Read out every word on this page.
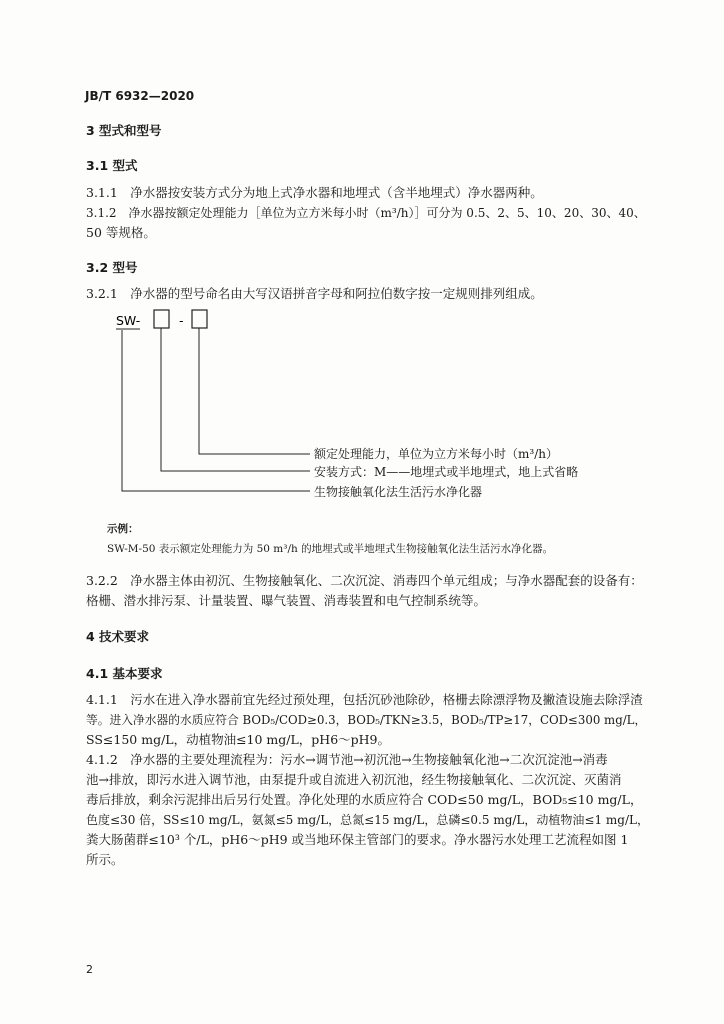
JB/T 6932—2020
3 型式和型号
3.1 型式
3.1.1　净水器按安装方式分为地上式净水器和地埋式（含半地埋式）净水器两种。
3.1.2　净水器按额定处理能力［单位为立方米每小时（m³/h）］可分为 0.5、2、5、10、20、30、40、
50 等规格。
3.2 型号
3.2.1　净水器的型号命名由大写汉语拼音字母和阿拉伯数字按一定规则排列组成。
SW-	-
额定处理能力，单位为立方米每小时（m³/h）
安装方式：M——地埋式或半地埋式，地上式省略
生物接触氧化法生活污水净化器
示例：
SW-M-50 表示额定处理能力为 50 m³/h 的地埋式或半地埋式生物接触氧化法生活污水净化器。
3.2.2　净水器主体由初沉、生物接触氧化、二次沉淀、消毒四个单元组成；与净水器配套的设备有：
格栅、潜水排污泵、计量装置、曝气装置、消毒装置和电气控制系统等。
4 技术要求
4.1 基本要求
4.1.1　污水在进入净水器前宜先经过预处理，包括沉砂池除砂，格栅去除漂浮物及撇渣设施去除浮渣
等。进入净水器的水质应符合 BOD₅/COD≥0.3，BOD₅/TKN≥3.5，BOD₅/TP≥17，COD≤300 mg/L，
SS≤150 mg/L，动植物油≤10 mg/L，pH6～pH9。
4.1.2　净水器的主要处理流程为：污水→调节池→初沉池→生物接触氧化池→二次沉淀池→消毒
池→排放，即污水进入调节池，由泵提升或自流进入初沉池，经生物接触氧化、二次沉淀、灭菌消
毒后排放，剩余污泥排出后另行处置。净化处理的水质应符合 COD≤50 mg/L，BOD₅≤10 mg/L，
色度≤30 倍，SS≤10 mg/L，氨氮≤5 mg/L，总氮≤15 mg/L，总磷≤0.5 mg/L，动植物油≤1 mg/L，
粪大肠菌群≤10³ 个/L，pH6～pH9 或当地环保主管部门的要求。净水器污水处理工艺流程如图 1
所示。
2
